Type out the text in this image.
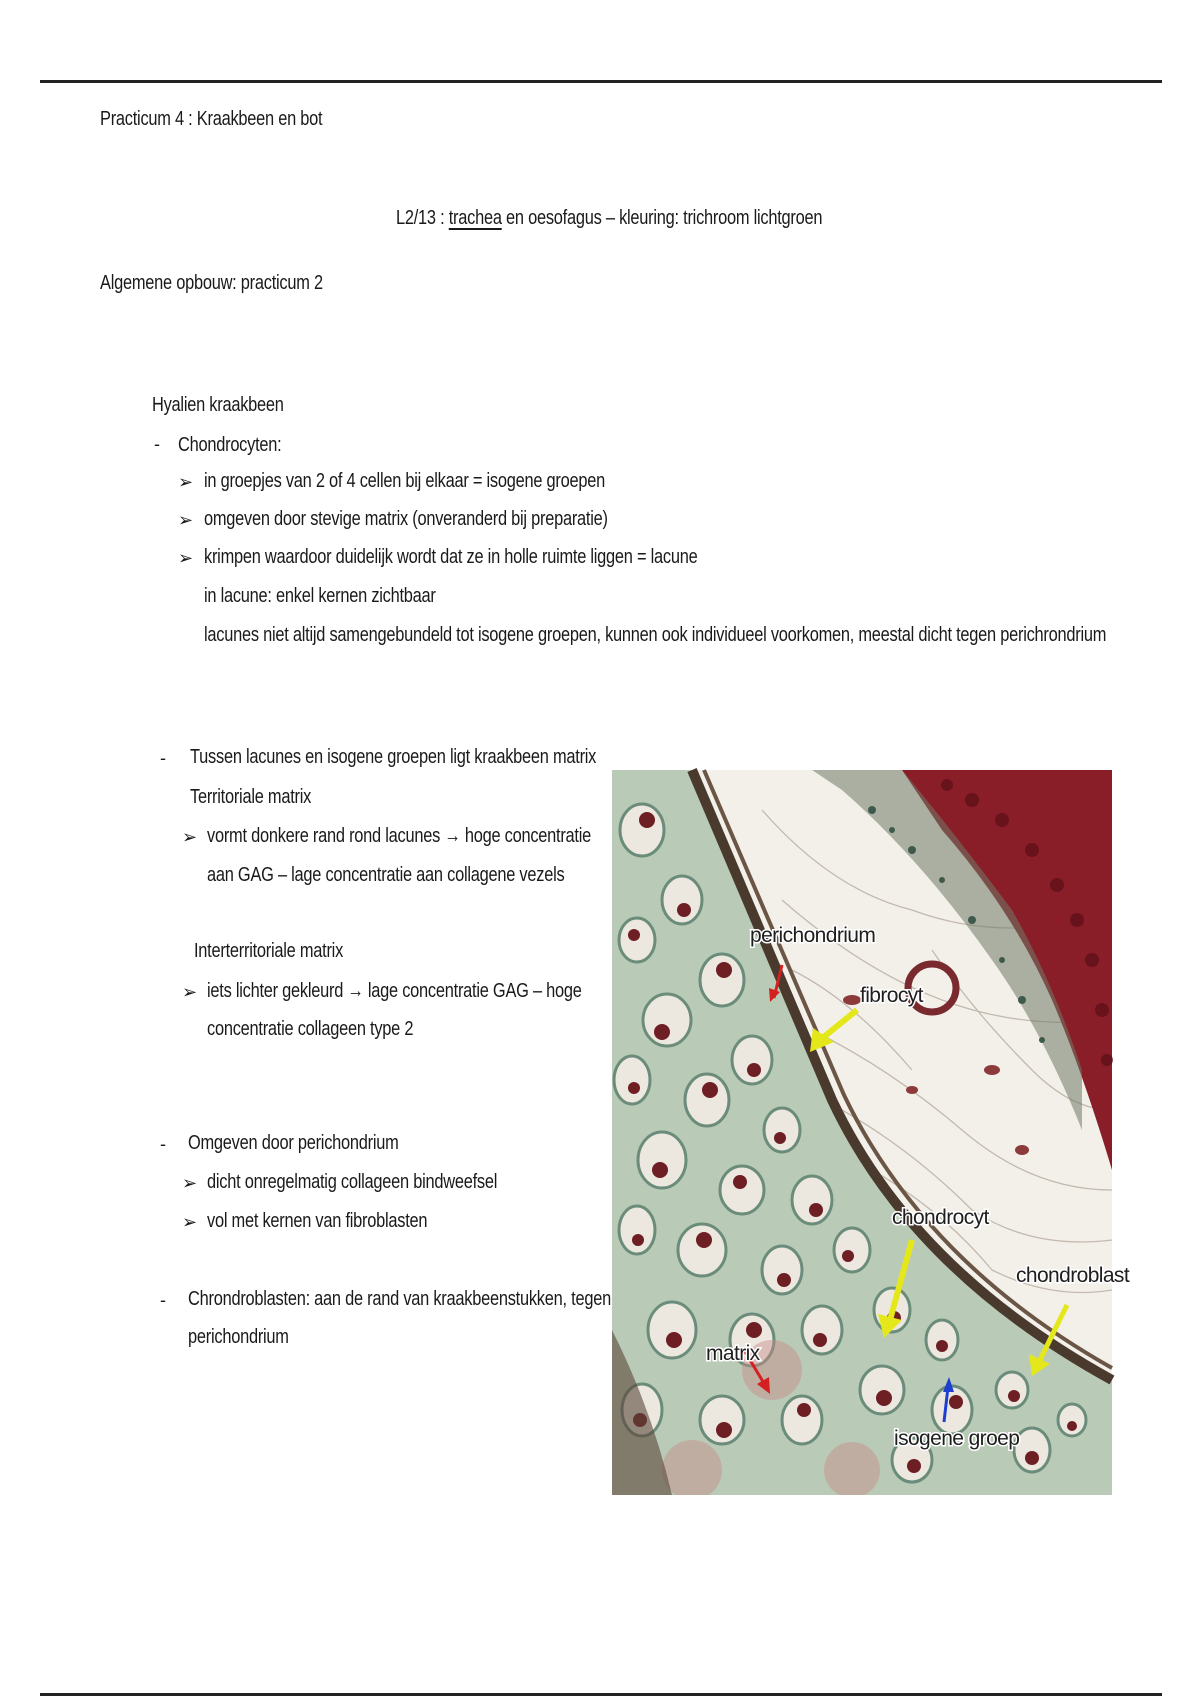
Practicum 4 : Kraakbeen en bot
L2/13 : trachea en oesofagus – kleuring: trichroom lichtgroen
Algemene opbouw: practicum 2
Hyalien kraakbeen
- Chondrocyten:
➢ in groepjes van 2 of 4 cellen bij elkaar = isogene groepen
➢ omgeven door stevige matrix (onveranderd bij preparatie)
➢ krimpen waardoor duidelijk wordt dat ze in holle ruimte liggen = lacune
in lacune: enkel kernen zichtbaar
lacunes niet altijd samengebundeld tot isogene groepen, kunnen ook individueel voorkomen, meestal dicht tegen perichrondrium
- Tussen lacunes en isogene groepen ligt kraakbeen matrix
Territoriale matrix
➢ vormt donkere rand rond lacunes → hoge concentratie
aan GAG – lage concentratie aan collagene vezels
Interterritoriale matrix
➢ iets lichter gekleurd → lage concentratie GAG – hoge
concentratie collageen type 2
- Omgeven door perichondrium
➢ dicht onregelmatig collageen bindweefsel
➢ vol met kernen van fibroblasten
- Chrondroblasten: aan de rand van kraakbeenstukken, tegen
perichondrium
perichondrium
fibrocyt
chondrocyt
chondroblast
matrix
isogene groep
